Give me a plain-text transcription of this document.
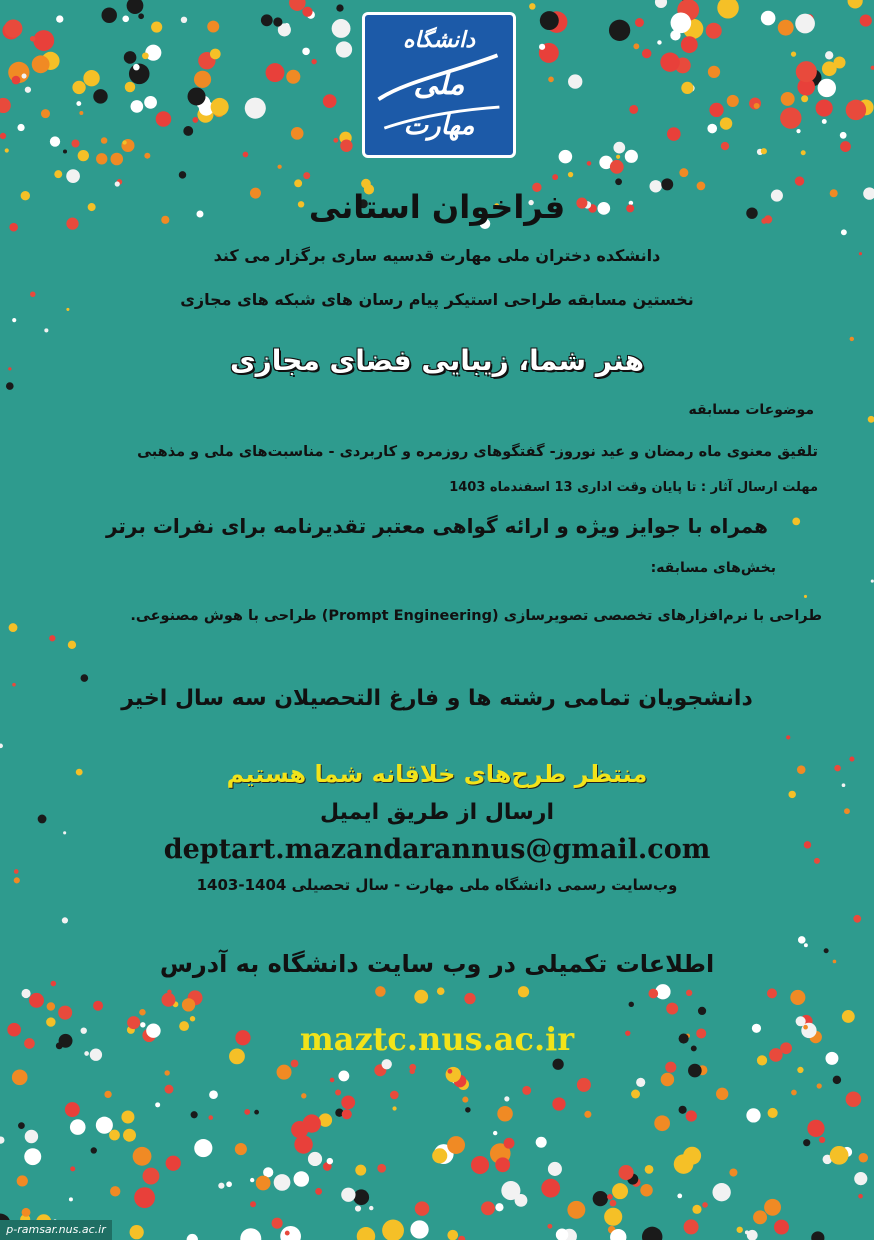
دانشگاه
ملی
مهارت
فراخوان استانی
دانشکده دختران ملی مهارت قدسیه ساری برگزار می کند
نخستین مسابقه طراحی استیکر پیام رسان های شبکه های مجازی
هنر شما، زیبایی فضای مجازی
موضوعات مسابقه
تلفیق معنوی ماه رمضان و عید نوروز- گفتگوهای روزمره و کاربردی - مناسبت‌های ملی و مذهبی
مهلت ارسال آثار : تا پایان وقت اداری 13 اسفندماه 1403
همراه با جوایز ویژه و ارائه گواهی معتبر تقدیرنامه برای نفرات برتر
بخش‌های مسابقه:
طراحی با نرم‌افزارهای تخصصی تصویرسازی (Prompt Engineering) طراحی با هوش مصنوعی.
دانشجویان تمامی رشته ها و فارغ التحصیلان سه سال اخیر
منتظر طرح‌های خلاقانه شما هستیم
ارسال از طریق ایمیل
deptart.mazandarannus@gmail.com
وب‌سایت رسمی دانشگاه ملی مهارت - سال تحصیلی 1404-1403
اطلاعات تکمیلی در وب سایت دانشگاه به آدرس
maztc.nus.ac.ir
p-ramsar.nus.ac.ir
